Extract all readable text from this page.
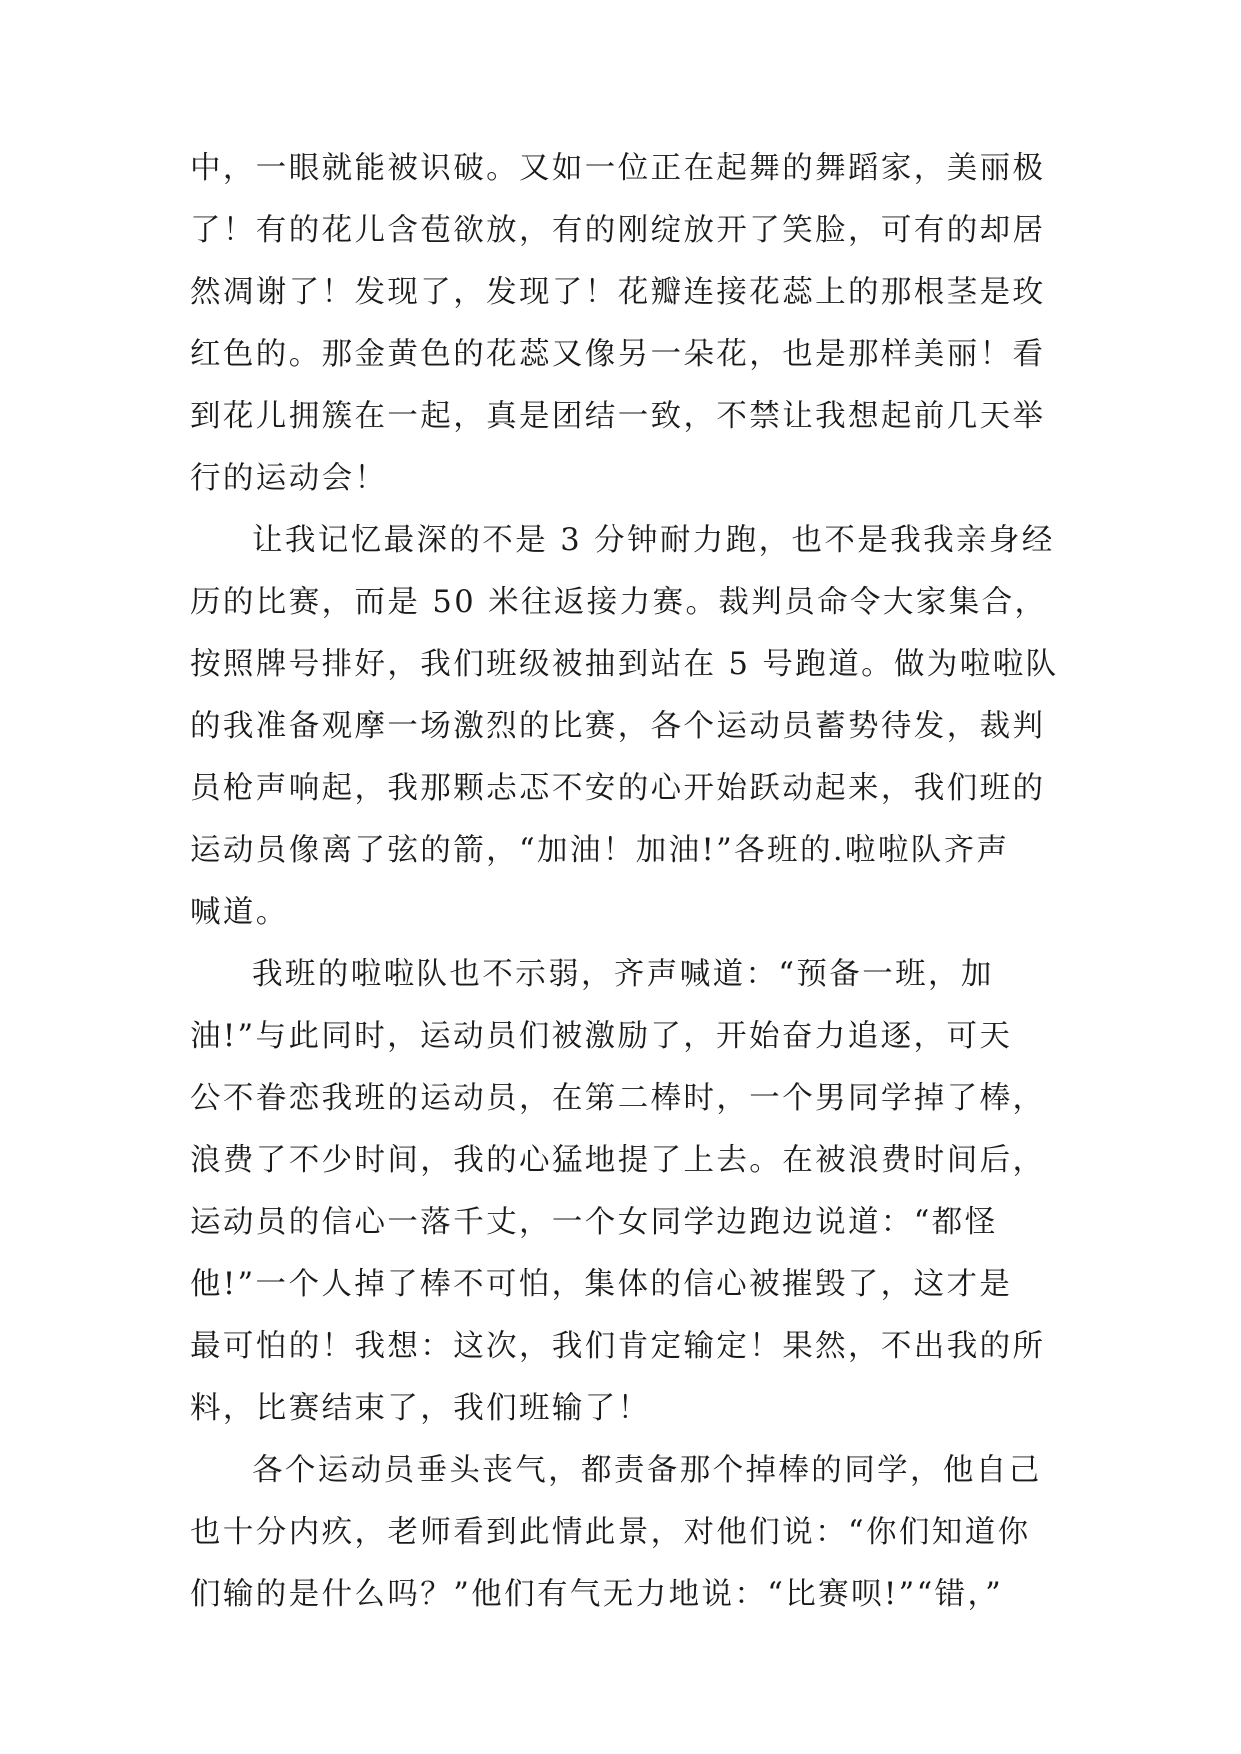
中，一眼就能被识破。又如一位正在起舞的舞蹈家，美丽极
了！有的花儿含苞欲放，有的刚绽放开了笑脸，可有的却居
然凋谢了！发现了，发现了！花瓣连接花蕊上的那根茎是玫
红色的。那金黄色的花蕊又像另一朵花，也是那样美丽！看
到花儿拥簇在一起，真是团结一致，不禁让我想起前几天举
行的运动会！
让我记忆最深的不是 3 分钟耐力跑，也不是我我亲身经
历的比赛，而是 50 米往返接力赛。裁判员命令大家集合，
按照牌号排好，我们班级被抽到站在 5 号跑道。做为啦啦队
的我准备观摩一场激烈的比赛，各个运动员蓄势待发，裁判
员枪声响起，我那颗忐忑不安的心开始跃动起来，我们班的
运动员像离了弦的箭，“加油！加油!”各班的.啦啦队齐声
喊道。
我班的啦啦队也不示弱，齐声喊道：“预备一班，加
油!”与此同时，运动员们被激励了，开始奋力追逐，可天
公不眷恋我班的运动员，在第二棒时，一个男同学掉了棒，
浪费了不少时间，我的心猛地提了上去。在被浪费时间后，
运动员的信心一落千丈，一个女同学边跑边说道：“都怪
他!”一个人掉了棒不可怕，集体的信心被摧毁了，这才是
最可怕的！我想：这次，我们肯定输定！果然，不出我的所
料，比赛结束了，我们班输了！
各个运动员垂头丧气，都责备那个掉棒的同学，他自己
也十分内疚，老师看到此情此景，对他们说：“你们知道你
们输的是什么吗？”他们有气无力地说：“比赛呗!”“错，”
